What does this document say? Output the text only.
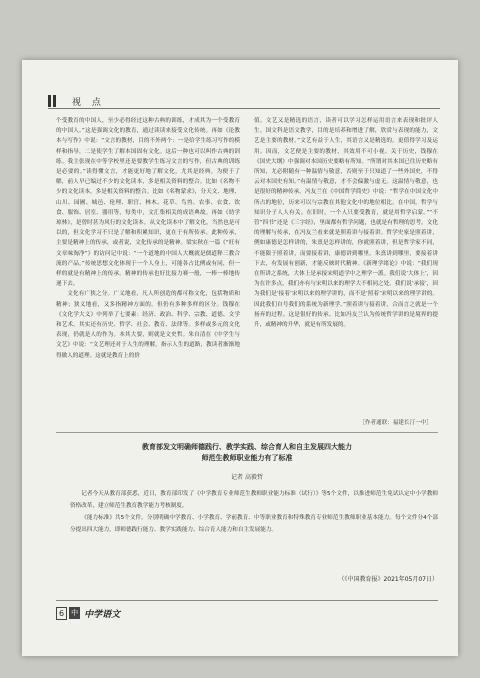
视 点

个受教育的中国人，至少必得经过这种古典的训练，才成其为一个受教育的中国人。”这是强调文化的教育，通过读读来接受文化传统。再如《论教本与写作》中说：“文言的教材，目的不外两个：一是给学生练习写作的模样和指导，二是使学生了解本国固有文化。这后一种也可以叫作古典的训练。我主张现在中等学校里还是要教学生练习文言的写作，但古典的训练是必要的。”读得懂文言，才能更好地了解文化，尤其是经典。为便于了解，前人早已编过不少的文化读本，多是相关资料的整合。比如《名物不少的文化读本，多是相关资料的整合。比如《名物蒙求》，分天文、地理、山川、园圃、城邑、伦理、职官、林木、花草、鸟兽、农事、衣食、饮食、服饰、居室、器用等，每类中，文汇集相关的成语典故。再如《幼学琼林》，是曾时甚为风行的文化读本。从文化读本中了解文化，当然也是可以的，但文化学习不只是了解和积累知识，更在于有所传承。此种传承，主要是精神上的传承，或者说，文化传承的是精神。梁实秋在一篇《“旺有文章味淘净”》的访问记中说：“一个道地的中国人大概就是儒道释三教合流的产品。”传统思想文化体现于一个人身上，可能各占比例或有同，但一样的就是有精神上的传承。精神的传承也好比接力赛一般，一棒一棒地传递下去。

文化有广狭之分。广义地看，凡人所创造的都可称文化，包括物质和精神；狭义地看，又多指精神方面的，但仍有多种多样的区分。钱穆在《文化学大义》中列举了七要素：经济、政治、科学、宗教、道德、文学和艺术。其实还有历史、哲学、社会、教育、法律等。多样或多元的文化表现，仍就是人的作为。本其大要，则就是文史哲。朱自清在《中学生与文艺》中说：“文艺理还对于人生的理解，指示人生的道路，教读者渐渐地得做人的道理。这就是教育上的价

值。文艺又是精选的语言，读者可以学习怎样运用语言来表现和批评人生。国文科是语文教学，目的是培养和增进了解，欣赏与表现的能力，文艺是主要的教材。”文艺有益于人生，其语言又是精选的，更值得学习及运用。因而，文艺便是主要的教材，其效用不可小视。关于历史，钱穆在《国史大纲》中强调对本国历史要略有所知。“所谓对其本国已往历史略有所知，尤必附随有一种温情与敬意，否则至于只知道了一些外国史，不得云对本国史有知。”有温情与敬意，才不会偏激与虚无。这温情与敬意，也是很好的精神传承。冯友兰在《中国哲学简史》中说：“哲学在中国文化中所占的地位，历来可以与宗教在其他文化中的地位相比。在中国，哲学与知识分子人人有关。在旧时，一个人只要受教育，就是用哲学启蒙。”“不管”四书”还是《三字经》，里面都有哲学问题，也就是有哲理的思考。文化的理解与传承，在冯友兰看来就是照着讲与接着讲。哲学史家是照着讲，例如康德是怎样讲的，朱熹是怎样讲的，你就照着讲，但是哲学家不同，不能限于照着讲，而要接着讲，康德讲到哪里，朱熹讲到哪里，要接着讲下去，有发展有创新，才能反映时代精神。《新理学绪论》中说：“我们现在所讲之系统，大体上是承接宋明道学中之理学一派。我们说‘大体上’，因为在许多点，我们亦有与宋明以来的理学大不相同之处。我们说‘承接’，因为我们是‘接着’宋明以来的理学讲的，而不是‘照着’宋明以来的理学讲的。因此我们自号我们的系统为新理学。”照着讲与接着讲，合而言之就是一个扬弃的过程。这是很好的传承。比如冯友兰认为传统哲学讲的是境界的提升，或精神的升华，就是有所发展的。

［作者通联：福建长汀一中］
教育部发文明确师德践行、教学实践、综合育人和自主发展四大能力
师范生教师职业能力有了标准
记者 高毅哲

记者今天从教育部获悉，近日，教育部印发了《中学教育专业师范生教师职业能力标准（试行）》等5个文件，以推进师范生免试认定中小学教师资格改革，建立师范生教育教学能力考核制度。

《能力标准》共5个文件，分别明确中学教育、小学教育、学前教育、中等职业教育和特殊教育专业师范生教师职业基本能力。每个文件分4个部分提出四大能力，即师德践行能力、教学实践能力、综合育人能力和自主发展能力。

（《中国教育报》2021年05月07日）
6	中 中学语文
